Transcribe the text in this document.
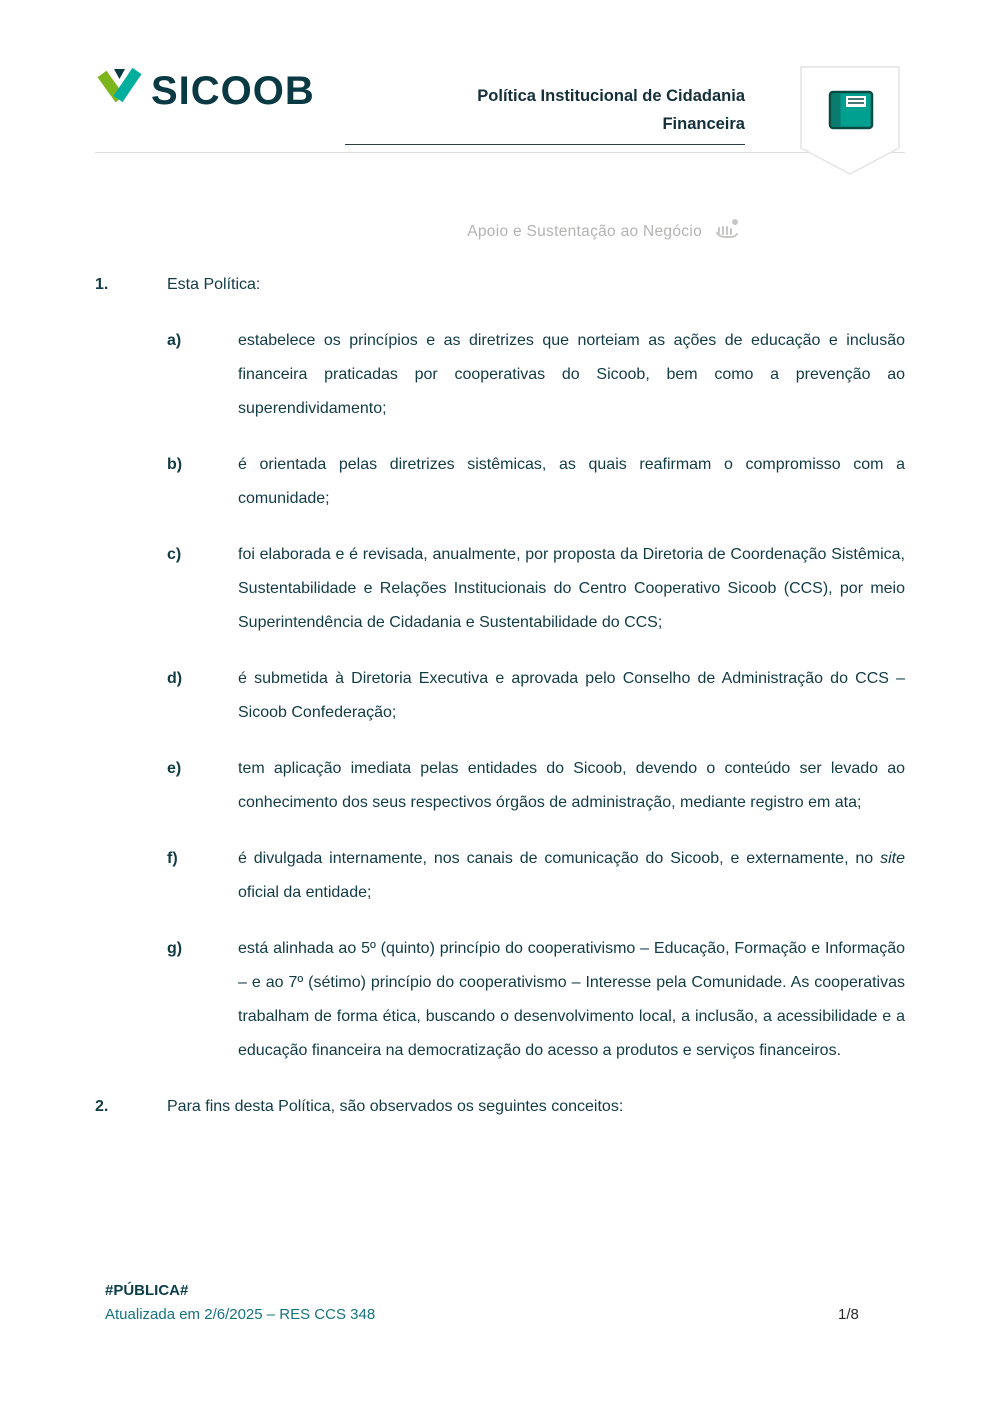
SICOOB	Política Institucional de Cidadania
Financeira
Apoio e Sustentação ao Negócio
1.	Esta Política:
a)	estabelece os princípios e as diretrizes que norteiam as ações de educação e inclusão financeira praticadas por cooperativas do Sicoob, bem como a prevenção ao superendividamento;

b)	é orientada pelas diretrizes sistêmicas, as quais reafirmam o compromisso com a comunidade;

c)	foi elaborada e é revisada, anualmente, por proposta da Diretoria de Coordenação Sistêmica, Sustentabilidade e Relações Institucionais do Centro Cooperativo Sicoob (CCS), por meio Superintendência de Cidadania e Sustentabilidade do CCS;

d)	é submetida à Diretoria Executiva e aprovada pelo Conselho de Administração do CCS – Sicoob Confederação;

e)	tem aplicação imediata pelas entidades do Sicoob, devendo o conteúdo ser levado ao conhecimento dos seus respectivos órgãos de administração, mediante registro em ata;

f)	é divulgada internamente, nos canais de comunicação do Sicoob, e externamente, no site oficial da entidade;

g)	está alinhada ao 5º (quinto) princípio do cooperativismo – Educação, Formação e Informação – e ao 7º (sétimo) princípio do cooperativismo – Interesse pela Comunidade. As cooperativas trabalham de forma ética, buscando o desenvolvimento local, a inclusão, a acessibilidade e a educação financeira na democratização do acesso a produtos e serviços financeiros.

2.	Para fins desta Política, são observados os seguintes conceitos:
#PÚBLICA#
Atualizada em 2/6/2025 – RES CCS 348	1/8
